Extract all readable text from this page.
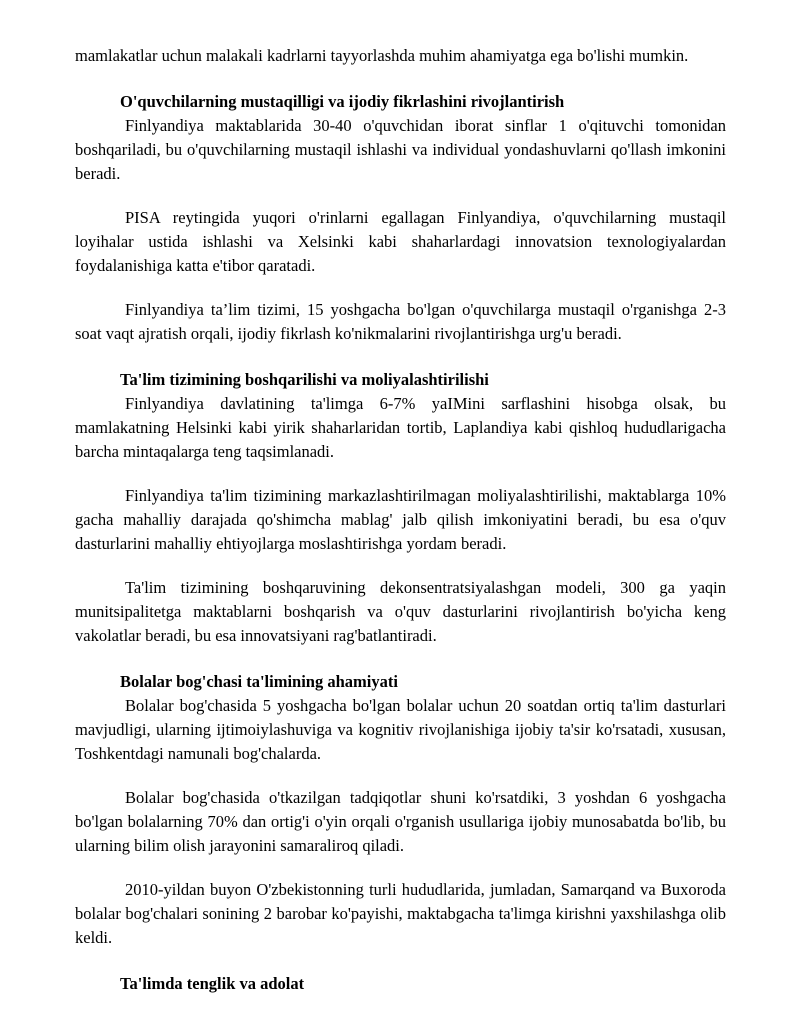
mamlakatlar uchun malakali kadrlarni tayyorlashda muhim ahamiyatga ega bo'lishi mumkin.

O'quvchilarning mustaqilligi va ijodiy fikrlashini rivojlantirish

Finlyandiya maktablarida 30-40 o'quvchidan iborat sinflar 1 o'qituvchi tomonidan boshqariladi, bu o'quvchilarning mustaqil ishlashi va individual yondashuvlarni qo'llash imkonini beradi.

PISA reytingida yuqori o'rinlarni egallagan Finlyandiya, o'quvchilarning mustaqil loyihalar ustida ishlashi va Xelsinki kabi shaharlardagi innovatsion texnologiyalardan foydalanishiga katta e'tibor qaratadi.

Finlyandiya ta’lim tizimi, 15 yoshgacha bo'lgan o'quvchilarga mustaqil o'rganishga 2-3 soat vaqt ajratish orqali, ijodiy fikrlash ko'nikmalarini rivojlantirishga urg'u beradi.

Ta'lim tizimining boshqarilishi va moliyalashtirilishi

Finlyandiya davlatining ta'limga 6-7% yaIMini sarflashini hisobga olsak, bu mamlakatning Helsinki kabi yirik shaharlaridan tortib, Laplandiya kabi qishloq hududlarigacha barcha mintaqalarga teng taqsimlanadi.

Finlyandiya ta'lim tizimining markazlashtirilmagan moliyalashtirilishi, maktablarga 10% gacha mahalliy darajada qo'shimcha mablag' jalb qilish imkoniyatini beradi, bu esa o'quv dasturlarini mahalliy ehtiyojlarga moslashtirishga yordam beradi.

Ta'lim tizimining boshqaruvining dekonsentratsiyalashgan modeli, 300 ga yaqin munitsipalitetga maktablarni boshqarish va o'quv dasturlarini rivojlantirish bo'yicha keng vakolatlar beradi, bu esa innovatsiyani rag'batlantiradi.

Bolalar bog'chasi ta'limining ahamiyati

Bolalar bog'chasida 5 yoshgacha bo'lgan bolalar uchun 20 soatdan ortiq ta'lim dasturlari mavjudligi, ularning ijtimoiylashuviga va kognitiv rivojlanishiga ijobiy ta'sir ko'rsatadi, xususan, Toshkentdagi namunali bog'chalarda.

Bolalar bog'chasida o'tkazilgan tadqiqotlar shuni ko'rsatdiki, 3 yoshdan 6 yoshgacha bo'lgan bolalarning 70% dan ortig'i o'yin orqali o'rganish usullariga ijobiy munosabatda bo'lib, bu ularning bilim olish jarayonini samaraliroq qiladi.

2010-yildan buyon O'zbekistonning turli hududlarida, jumladan, Samarqand va Buxoroda bolalar bog'chalari sonining 2 barobar ko'payishi, maktabgacha ta'limga kirishni yaxshilashga olib keldi.

Ta'limda tenglik va adolat
